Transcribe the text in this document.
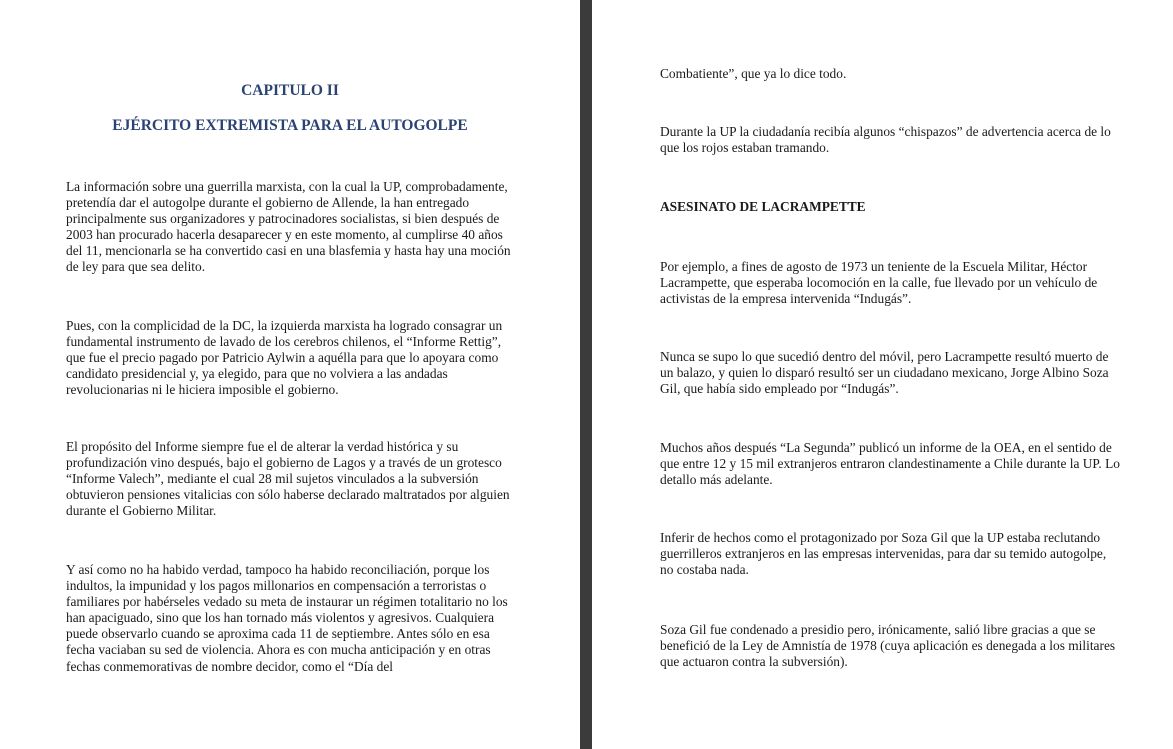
CAPITULO II
EJÉRCITO EXTREMISTA PARA EL AUTOGOLPE

La información sobre una guerrilla marxista, con la cual la UP, comprobadamente, pretendía dar el autogolpe durante el gobierno de Allende, la han entregado principalmente sus organizadores y patrocinadores socialistas, si bien después de 2003 han procurado hacerla desaparecer y en este momento, al cumplirse 40 años del 11, mencionarla se ha convertido casi en una blasfemia y hasta hay una moción de ley para que sea delito.

Pues, con la complicidad de la DC, la izquierda marxista ha logrado consagrar un fundamental instrumento de lavado de los cerebros chilenos, el “Informe Rettig”, que fue el precio pagado por Patricio Aylwin a aquélla para que lo apoyara como candidato presidencial y, ya elegido, para que no volviera a las andadas revolucionarias ni le hiciera imposible el gobierno.

El propósito del Informe siempre fue el de alterar la verdad histórica y su profundización vino después, bajo el gobierno de Lagos y a través de un grotesco “Informe Valech”, mediante el cual 28 mil sujetos vinculados a la subversión obtuvieron pensiones vitalicias con sólo haberse declarado maltratados por alguien durante el Gobierno Militar.

Y así como no ha habido verdad, tampoco ha habido reconciliación, porque los indultos, la impunidad y los pagos millonarios en compensación a terroristas o familiares por habérseles vedado su meta de instaurar un régimen totalitario no los han apaciguado, sino que los han tornado más violentos y agresivos. Cualquiera puede observarlo cuando se aproxima cada 11 de septiembre. Antes sólo en esa fecha vaciaban su sed de violencia. Ahora es con mucha anticipación y en otras fechas conmemorativas de nombre decidor, como el “Día del

Combatiente”, que ya lo dice todo.

Durante la UP la ciudadanía recibía algunos “chispazos” de advertencia acerca de lo que los rojos estaban tramando.

ASESINATO DE LACRAMPETTE

Por ejemplo, a fines de agosto de 1973 un teniente de la Escuela Militar, Héctor Lacrampette, que esperaba locomoción en la calle, fue llevado por un vehículo de activistas de la empresa intervenida “Indugás”.

Nunca se supo lo que sucedió dentro del móvil, pero Lacrampette resultó muerto de un balazo, y quien lo disparó resultó ser un ciudadano mexicano, Jorge Albino Soza Gil, que había sido empleado por “Indugás”.

Muchos años después “La Segunda” publicó un informe de la OEA, en el sentido de que entre 12 y 15 mil extranjeros entraron clandestinamente a Chile durante la UP. Lo detallo más adelante.

Inferir de hechos como el protagonizado por Soza Gil que la UP estaba reclutando guerrilleros extranjeros en las empresas intervenidas, para dar su temido autogolpe, no costaba nada.

Soza Gil fue condenado a presidio pero, irónicamente, salió libre gracias a que se benefició de la Ley de Amnistía de 1978 (cuya aplicación es denegada a los militares que actuaron contra la subversión).
